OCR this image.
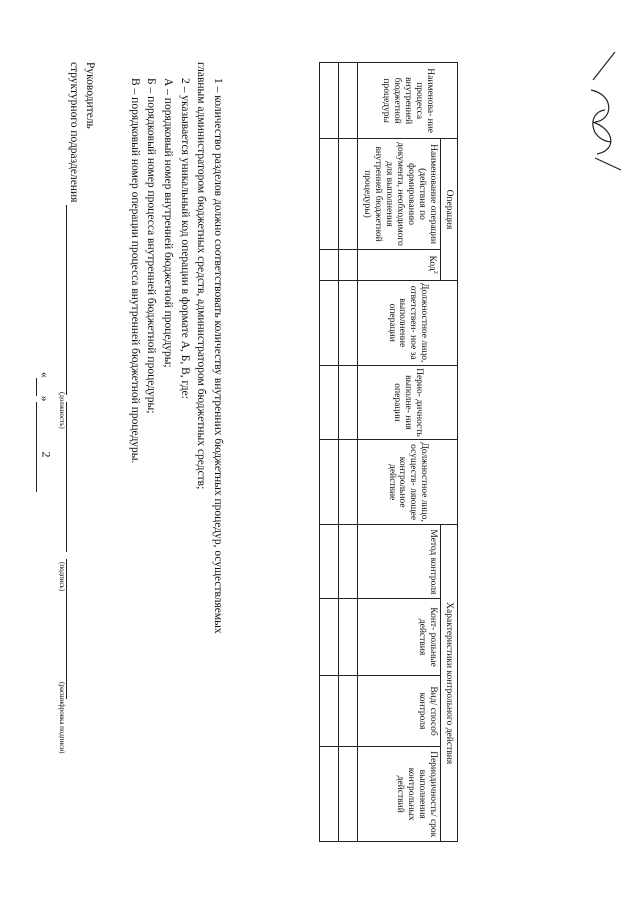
2
Наименова- ние процесса внутренней бюджетной процедуры	Операция		Должностное лицо, ответствен- ное за выполнение операции	Перио- дичность выполне- ния операции	Должностное лицо, осуществ- ляющее контрольное действие	Характеристики контрольного действия			
	Наименование операции (действия по формированию документа, необходимого для выполнения внутренней бюджетной процедуры)	Код$^2$				Метод контроля	Конт- рольные действия	Вид/ способ контроля	Периодичность/ срок выполнения контрольных действий

1 – количество разделов должно соответствовать количеству внутренних бюджетных процедур, осуществляемых

главным администратором бюджетных средств, администратором бюджетных средств;

2 – указывается уникальный код операции в формате А, Б, В, где:

А – порядковый номер внутренней бюджетной процедуры;

Б – порядковый номер процесса внутренней бюджетной процедуры;

В – порядковый номер операции процесса внутренней бюджетной процедуры.

Руководитель
структурного подразделения
(должность)
(подпись)
(расшифровка подписи)
«»
